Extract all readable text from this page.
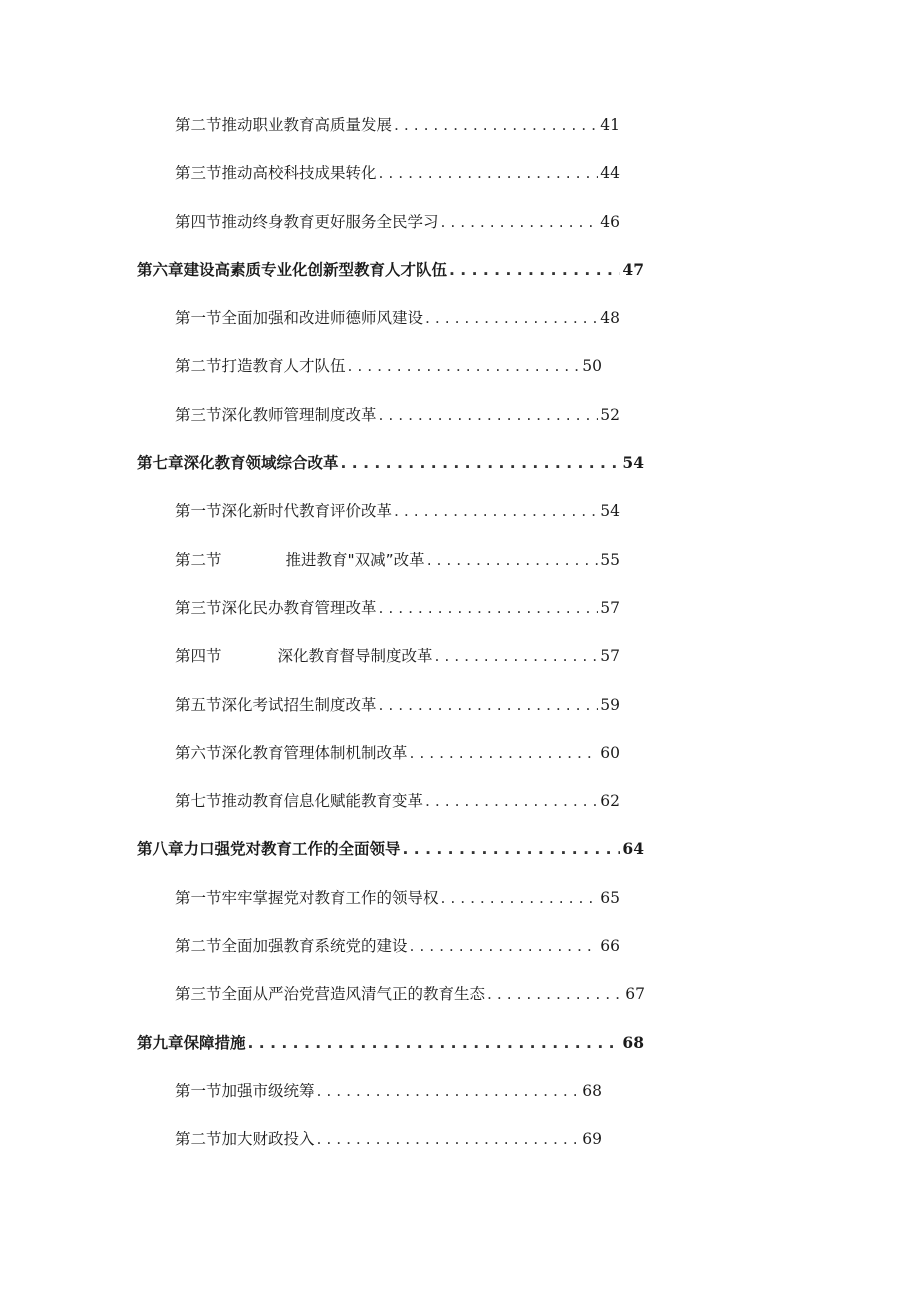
第二节推动职业教育高质量发展 . . .	41
第三节推动高校科技成果转化 . . .	44
第四节推动终身教育更好服务全民学习 . . .	46
第六章建设高素质专业化创新型教育人才队伍 . . .	47
第一节全面加强和改进师德师风建设 . . .	48
第二节打造教育人才队伍 . . .	50
第三节深化教师管理制度改革 . . .	52
第七章深化教育领域综合改革 . . .	54
第一节深化新时代教育评价改革 . . .	54
第二节	推进教育"双减”改革 . . .	55
第三节深化民办教育管理改革 . . .	57
第四节	深化教育督导制度改革 . . .	57
第五节深化考试招生制度改革 . . .	59
第六节深化教育管理体制机制改革 . . .	60
第七节推动教育信息化赋能教育变革 . . .	62
第八章力口强党对教育工作的全面领导 . . .	64
第一节牢牢掌握党对教育工作的领导权 . . .	65
第二节全面加强教育系统党的建设 . . .	66
第三节全面从严治党营造风清气正的教育生态 . . .	67
第九章保障措施 . . .	68
第一节加强市级统筹 . . .	68
第二节加大财政投入 . . .	69
